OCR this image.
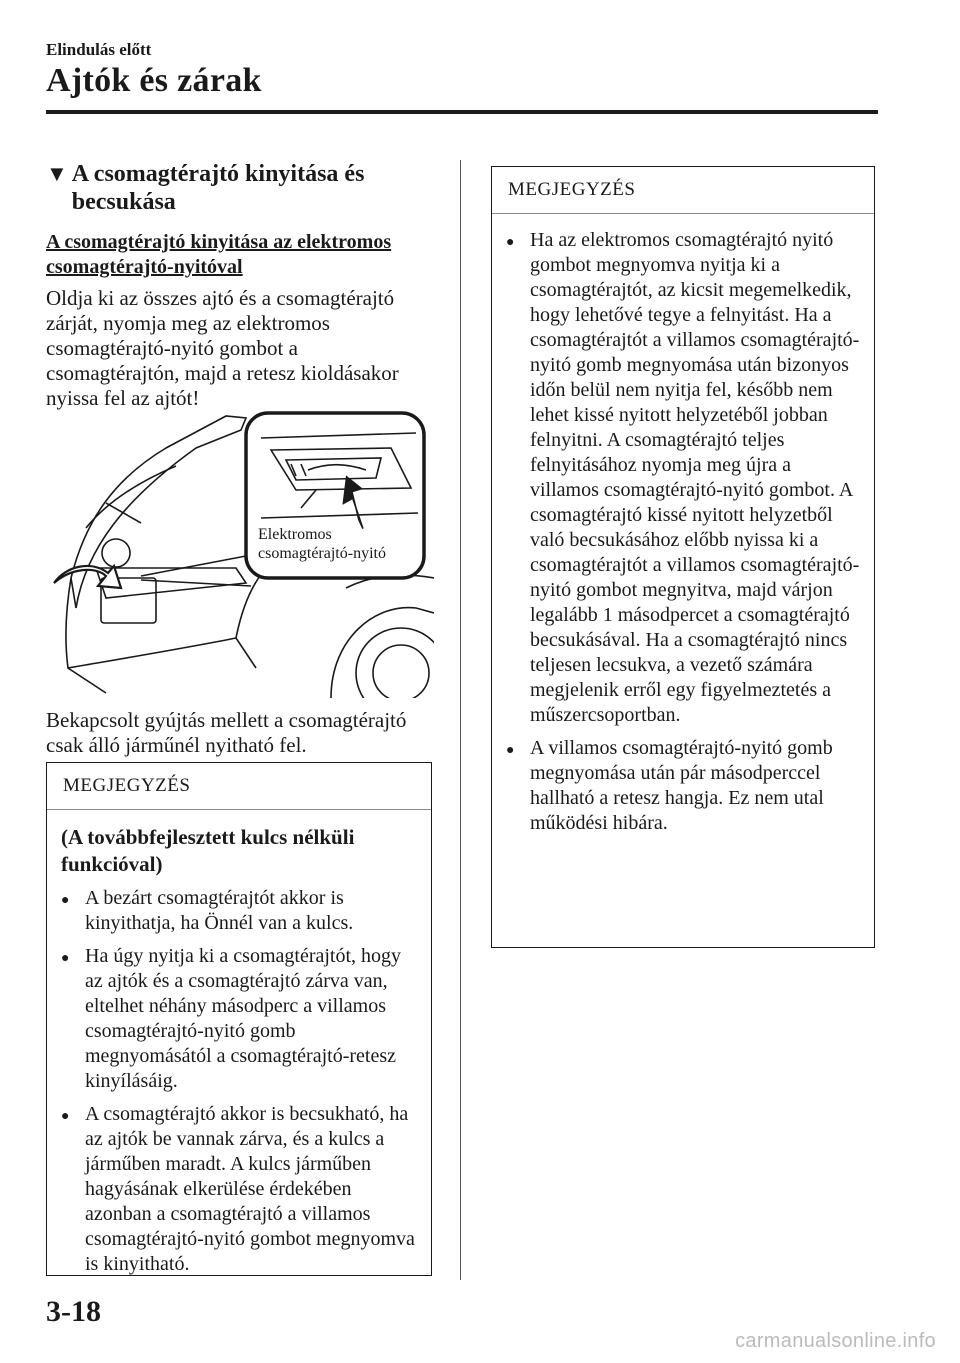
Elindulás előtt
Ajtók és zárak
▼ A csomagtérajtó kinyitása és becsukása
A csomagtérajtó kinyitása az elektromos csomagtérajtó-nyitóval
Oldja ki az összes ajtó és a csomagtérajtó zárját, nyomja meg az elektromos csomagtérajtó-nyitó gombot a csomagtérajtón, majd a retesz kioldásakor nyissa fel az ajtót!
Elektromos
csomagtérajtó-nyitó
Bekapcsolt gyújtás mellett a csomagtérajtó csak álló járműnél nyitható fel.
MEGJEGYZÉS
(A továbbfejlesztett kulcs nélküli funkcióval)
● A bezárt csomagtérajtót akkor is kinyithatja, ha Önnél van a kulcs.
● Ha úgy nyitja ki a csomagtérajtót, hogy az ajtók és a csomagtérajtó zárva van, eltelhet néhány másodperc a villamos csomagtérajtó-nyitó gomb megnyomásától a csomagtérajtó-retesz kinyílásáig.
● A csomagtérajtó akkor is becsukható, ha az ajtók be vannak zárva, és a kulcs a járműben maradt. A kulcs járműben hagyásának elkerülése érdekében azonban a csomagtérajtó a villamos csomagtérajtó-nyitó gombot megnyomva is kinyitható.
MEGJEGYZÉS
● Ha az elektromos csomagtérajtó nyitó gombot megnyomva nyitja ki a csomagtérajtót, az kicsit megemelkedik, hogy lehetővé tegye a felnyitást. Ha a csomagtérajtót a villamos csomagtérajtó-nyitó gomb megnyomása után bizonyos időn belül nem nyitja fel, később nem lehet kissé nyitott helyzetéből jobban felnyitni. A csomagtérajtó teljes felnyitásához nyomja meg újra a villamos csomagtérajtó-nyitó gombot. A csomagtérajtó kissé nyitott helyzetből való becsukásához előbb nyissa ki a csomagtérajtót a villamos csomagtérajtó-nyitó gombot megnyitva, majd várjon legalább 1 másodpercet a csomagtérajtó becsukásával. Ha a csomagtérajtó nincs teljesen lecsukva, a vezető számára megjelenik erről egy figyelmeztetés a műszercsoportban.
● A villamos csomagtérajtó-nyitó gomb megnyomása után pár másodperccel hallható a retesz hangja. Ez nem utal működési hibára.
3-18
carmanualsonline.info
